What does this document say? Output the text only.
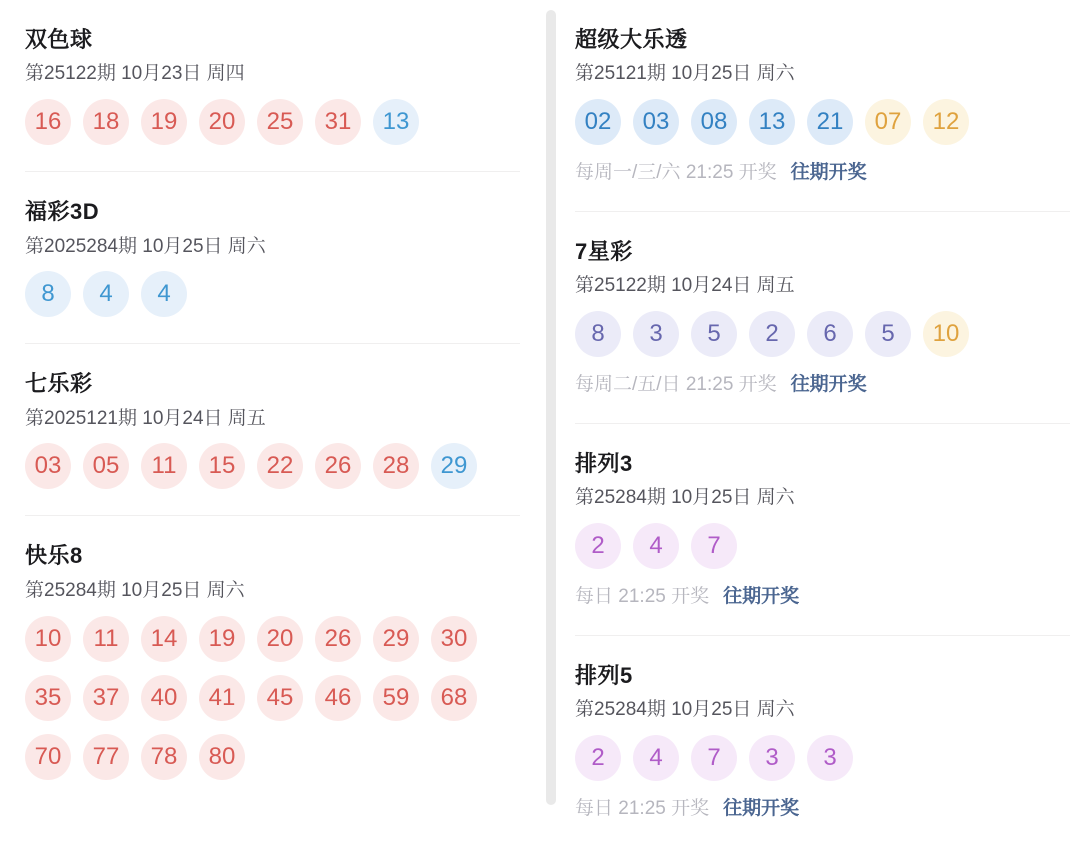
双色球
第25122期 10月23日 周四
16	18	19	20	25	31	13
福彩3D
第2025284期 10月25日 周六
8	4	4
七乐彩
第2025121期 10月24日 周五
03	05	11	15	22	26	28	29
快乐8
第25284期 10月25日 周六
10	11	14	19	20	26	29	30
35	37	40	41	45	46	59	68
70	77	78	80
超级大乐透
第25121期 10月25日 周六
02	03	08	13	21	07	12
每周一/三/六 21:25 开奖 往期开奖
7星彩
第25122期 10月24日 周五
8	3	5	2	6	5	10
每周二/五/日 21:25 开奖 往期开奖
排列3
第25284期 10月25日 周六
2	4	7
每日 21:25 开奖 往期开奖
排列5
第25284期 10月25日 周六
2	4	7	3	3
每日 21:25 开奖 往期开奖
